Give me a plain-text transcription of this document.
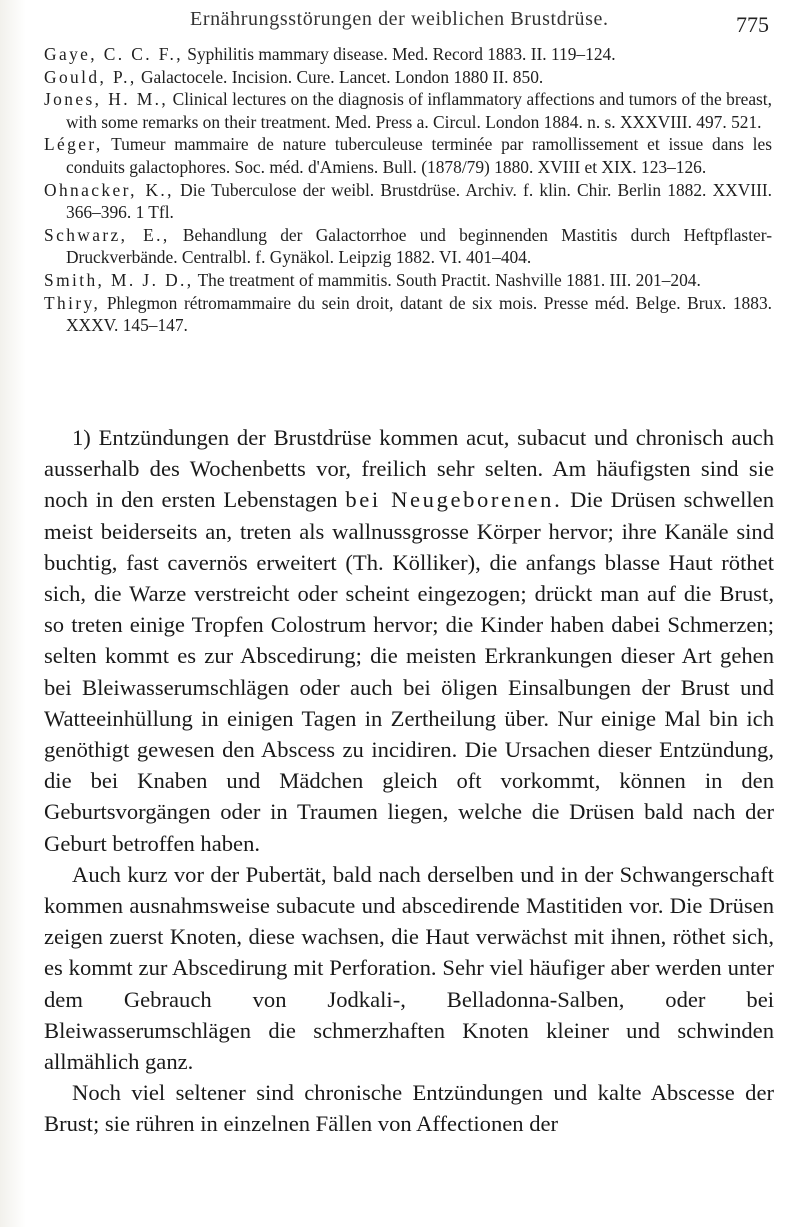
Ernährungsstörungen der weiblichen Brustdrüse.	775

Gaye, C. C. F., Syphilitis mammary disease. Med. Record 1883. II. 119–124.

Gould, P., Galactocele. Incision. Cure. Lancet. London 1880 II. 850.

Jones, H. M., Clinical lectures on the diagnosis of inflammatory affections and tumors of the breast, with some remarks on their treatment. Med. Press a. Circul. London 1884. n. s. XXXVIII. 497. 521.

Léger, Tumeur mammaire de nature tuberculeuse terminée par ramollissement et issue dans les conduits galactophores. Soc. méd. d'Amiens. Bull. (1878/79) 1880. XVIII et XIX. 123–126.

Ohnacker, K., Die Tuberculose der weibl. Brustdrüse. Archiv. f. klin. Chir. Berlin 1882. XXVIII. 366–396. 1 Tfl.

Schwarz, E., Behandlung der Galactorrhoe und beginnenden Mastitis durch Heftpflaster-Druckverbände. Centralbl. f. Gynäkol. Leipzig 1882. VI. 401–404.

Smith, M. J. D., The treatment of mammitis. South Practit. Nashville 1881. III. 201–204.

Thiry, Phlegmon rétromammaire du sein droit, datant de six mois. Presse méd. Belge. Brux. 1883. XXXV. 145–147.

1) Entzündungen der Brustdrüse kommen acut, subacut und chronisch auch ausserhalb des Wochenbetts vor, freilich sehr selten. Am häufigsten sind sie noch in den ersten Lebenstagen bei Neugeborenen. Die Drüsen schwellen meist beiderseits an, treten als wallnussgrosse Körper hervor; ihre Kanäle sind buchtig, fast cavernös erweitert (Th. Kölliker), die anfangs blasse Haut röthet sich, die Warze verstreicht oder scheint eingezogen; drückt man auf die Brust, so treten einige Tropfen Colostrum hervor; die Kinder haben dabei Schmerzen; selten kommt es zur Abscedirung; die meisten Erkrankungen dieser Art gehen bei Bleiwasserumschlägen oder auch bei öligen Einsalbungen der Brust und Watteeinhüllung in einigen Tagen in Zertheilung über. Nur einige Mal bin ich genöthigt gewesen den Abscess zu incidiren. Die Ursachen dieser Entzündung, die bei Knaben und Mädchen gleich oft vorkommt, können in den Geburtsvorgängen oder in Traumen liegen, welche die Drüsen bald nach der Geburt betroffen haben.

Auch kurz vor der Pubertät, bald nach derselben und in der Schwangerschaft kommen ausnahmsweise subacute und abscedirende Mastitiden vor. Die Drüsen zeigen zuerst Knoten, diese wachsen, die Haut verwächst mit ihnen, röthet sich, es kommt zur Abscedirung mit Perforation. Sehr viel häufiger aber werden unter dem Gebrauch von Jodkali-, Belladonna-Salben, oder bei Bleiwasserumschlägen die schmerzhaften Knoten kleiner und schwinden allmählich ganz.

Noch viel seltener sind chronische Entzündungen und kalte Abscesse der Brust; sie rühren in einzelnen Fällen von Affectionen der
